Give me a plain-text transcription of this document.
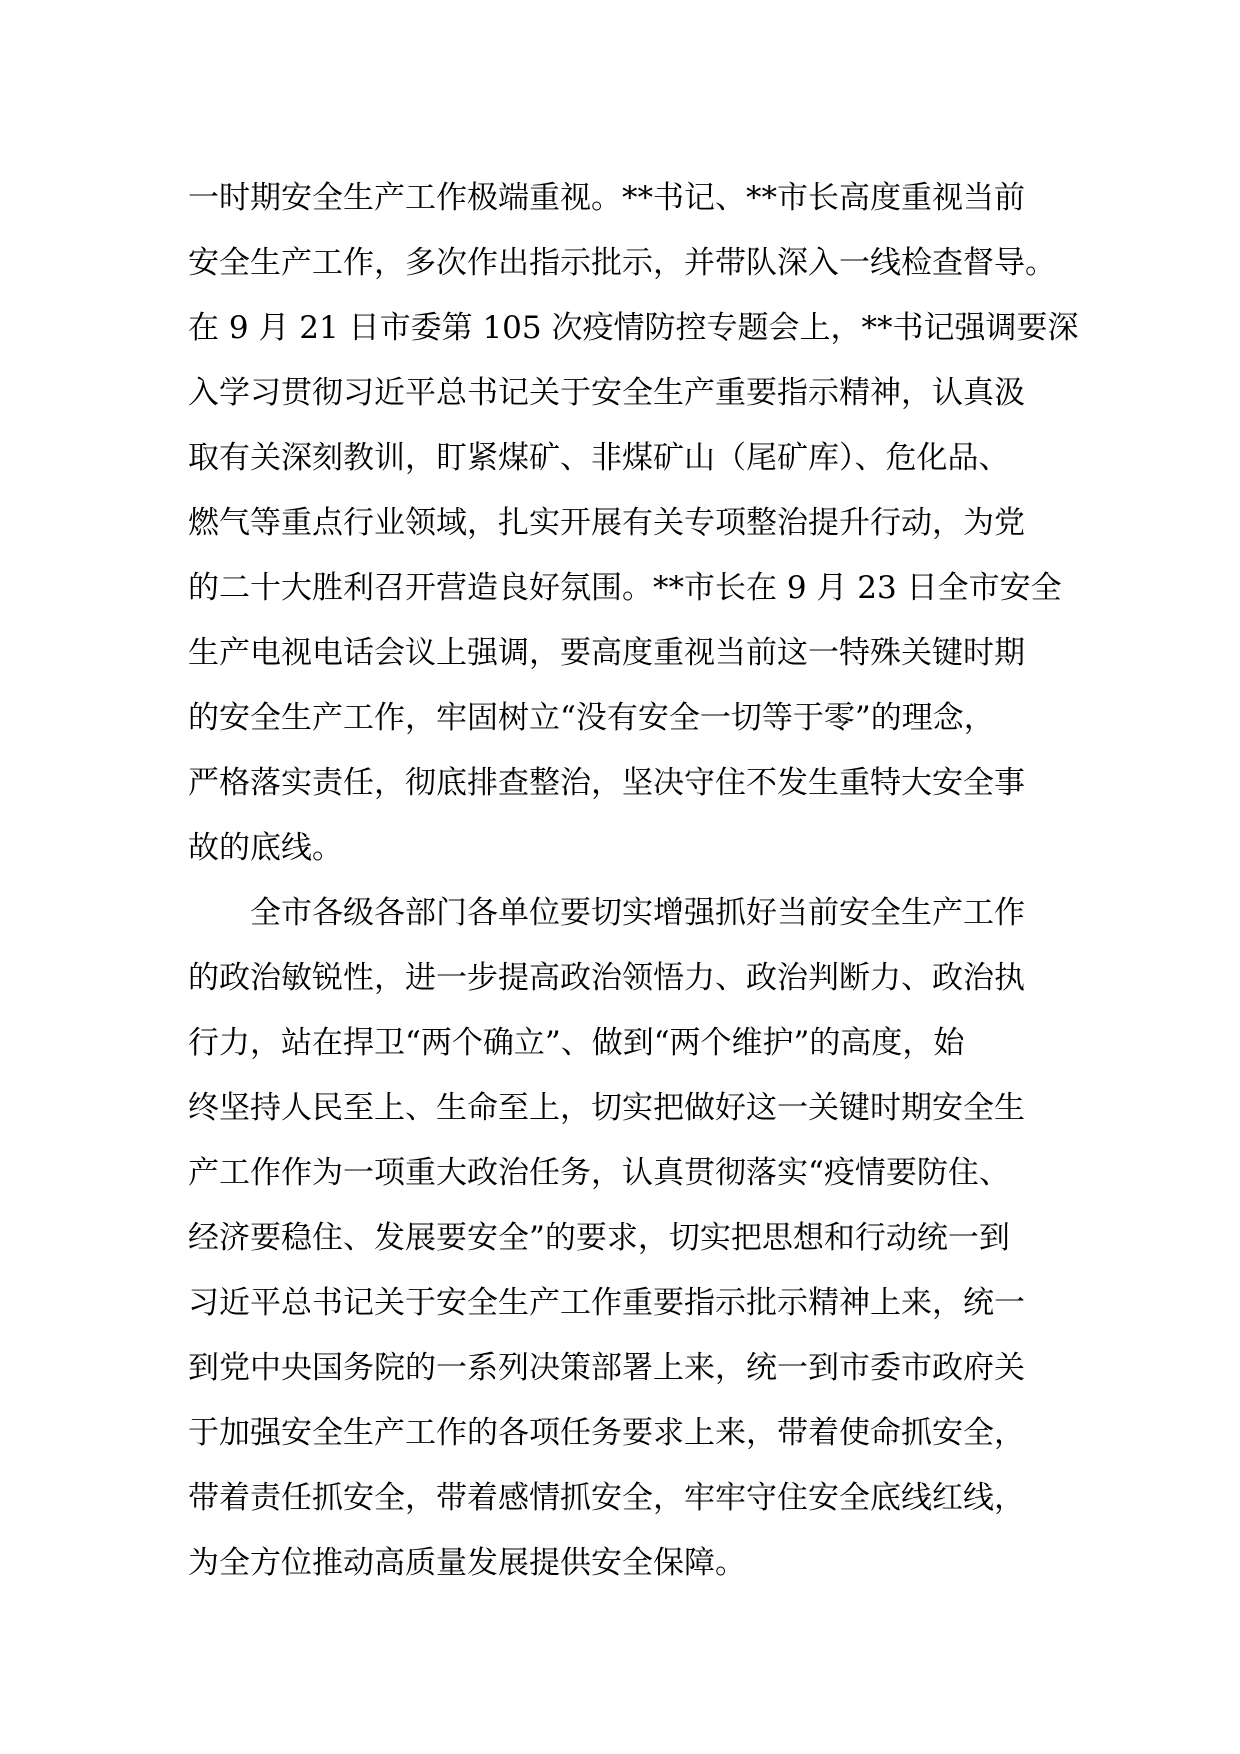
一时期安全生产工作极端重视。**书记、**市长高度重视当前

安全生产工作，多次作出指示批示，并带队深入一线检查督导。

在 9 月 21 日市委第 105 次疫情防控专题会上，**书记强调要深

入学习贯彻习近平总书记关于安全生产重要指示精神，认真汲

取有关深刻教训，盯紧煤矿、非煤矿山（尾矿库）、危化品、

燃气等重点行业领域，扎实开展有关专项整治提升行动，为党

的二十大胜利召开营造良好氛围。**市长在 9 月 23 日全市安全

生产电视电话会议上强调，要高度重视当前这一特殊关键时期

的安全生产工作，牢固树立“没有安全一切等于零”的理念，

严格落实责任，彻底排查整治，坚决守住不发生重特大安全事

故的底线。

全市各级各部门各单位要切实增强抓好当前安全生产工作

的政治敏锐性，进一步提高政治领悟力、政治判断力、政治执

行力，站在捍卫“两个确立”、做到“两个维护”的高度，始

终坚持人民至上、生命至上，切实把做好这一关键时期安全生

产工作作为一项重大政治任务，认真贯彻落实“疫情要防住、

经济要稳住、发展要安全”的要求，切实把思想和行动统一到

习近平总书记关于安全生产工作重要指示批示精神上来，统一

到党中央国务院的一系列决策部署上来，统一到市委市政府关

于加强安全生产工作的各项任务要求上来，带着使命抓安全，

带着责任抓安全，带着感情抓安全，牢牢守住安全底线红线，

为全方位推动高质量发展提供安全保障。
